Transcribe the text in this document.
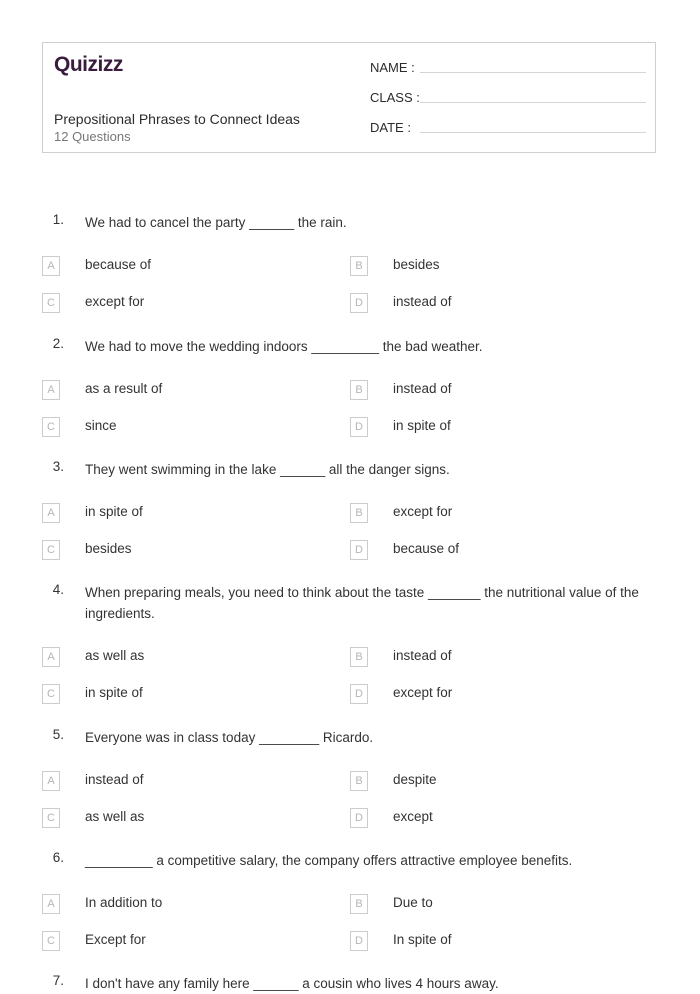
Quizizz
Prepositional Phrases to Connect Ideas
12 Questions
NAME :
CLASS :
DATE :
1. We had to cancel the party ______ the rain.
A	because of	B	besides
C	except for	D	instead of
2. We had to move the wedding indoors _________ the bad weather.
A	as a result of	B	instead of
C	since	D	in spite of
3. They went swimming in the lake ______ all the danger signs.
A	in spite of	B	except for
C	besides	D	because of
4. When preparing meals, you need to think about the taste _______ the nutritional value of the ingredients.
A	as well as	B	instead of
C	in spite of	D	except for
5. Everyone was in class today ________ Ricardo.
A	instead of	B	despite
C	as well as	D	except
6. _________ a competitive salary, the company offers attractive employee benefits.
A	In addition to	B	Due to
C	Except for	D	In spite of
7. I don't have any family here ______ a cousin who lives 4 hours away.
